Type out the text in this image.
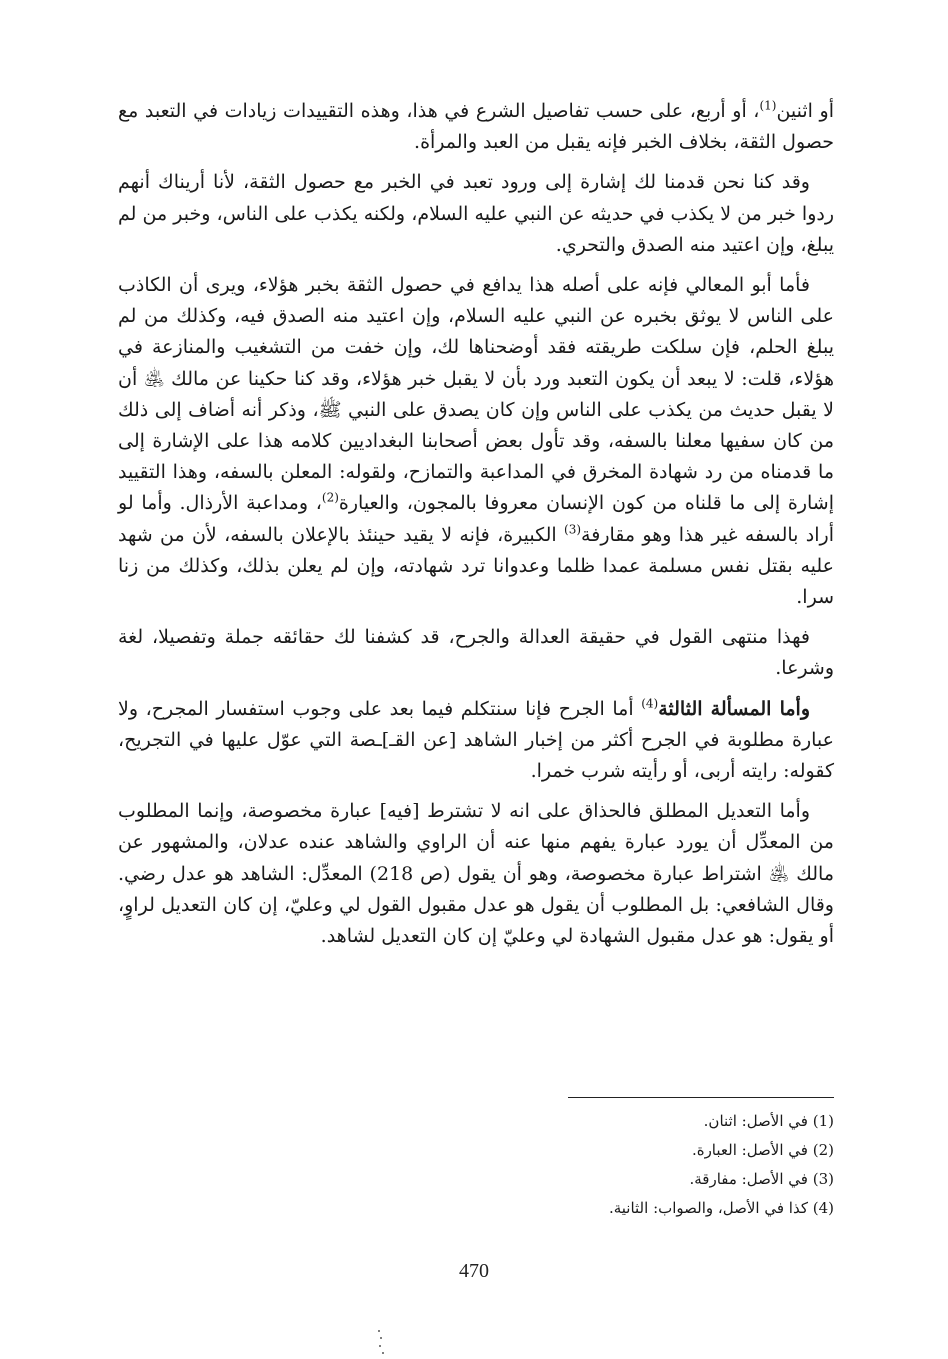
أو اثنين$^{(1)}$، أو أربع، على حسب تفاصيل الشرع في هذا، وهذه التقييدات زيادات في التعبد مع حصول الثقة، بخلاف الخبر فإنه يقبل من العبد والمرأة.

وقد كنا نحن قدمنا لك إشارة إلى ورود تعبد في الخبر مع حصول الثقة، لأنا أريناك أنهم ردوا خبر من لا يكذب في حديثه عن النبي عليه السلام، ولكنه يكذب على الناس، وخبر من لم يبلغ، وإن اعتيد منه الصدق والتحري.

فأما أبو المعالي فإنه على أصله هذا يدافع في حصول الثقة بخبر هؤلاء، ويرى أن الكاذب على الناس لا يوثق بخبره عن النبي عليه السلام، وإن اعتيد منه الصدق فيه، وكذلك من لم يبلغ الحلم، فإن سلكت طريقته فقد أوضحناها لك، وإن خفت من التشغيب والمنازعة في هؤلاء، قلت: لا يبعد أن يكون التعبد ورد بأن لا يقبل خبر هؤلاء، وقد كنا حكينا عن مالك ﵁ أن لا يقبل حديث من يكذب على الناس وإن كان يصدق على النبي ﷺ، وذكر أنه أضاف إلى ذلك من كان سفيها معلنا بالسفه، وقد تأول بعض أصحابنا البغداديين كلامه هذا على الإشارة إلى ما قدمناه من رد شهادة المخرق في المداعبة والتمازح، ولقوله: المعلن بالسفه، وهذا التقييد إشارة إلى ما قلناه من كون الإنسان معروفا بالمجون، والعيارة$^{(2)}$، ومداعبة الأرذال. وأما لو أراد بالسفه غير هذا وهو مقارفة$^{(3)}$ الكبيرة، فإنه لا يقيد حينئذ بالإعلان بالسفه، لأن من شهد عليه بقتل نفس مسلمة عمدا ظلما وعدوانا ترد شهادته، وإن لم يعلن بذلك، وكذلك من زنا سرا.

فهذا منتهى القول في حقيقة العدالة والجرح، قد كشفنا لك حقائقه جملة وتفصيلا، لغة وشرعا.

وأما المسألة الثالثة$^{(4)}$ أما الجرح فإنا سنتكلم فيما بعد على وجوب استفسار المجرح، ولا عبارة مطلوبة في الجرح أكثر من إخبار الشاهد [عن القـ]ـصة التي عوّل عليها في التجريح، كقوله: رايته أربى، أو رأيته شرب خمرا.

وأما التعديل المطلق فالحذاق على انه لا تشترط [فيه] عبارة مخصوصة، وإنما المطلوب من المعدِّل أن يورد عبارة يفهم منها عنه أن الراوي والشاهد عنده عدلان، والمشهور عن مالك ﵁ اشتراط عبارة مخصوصة، وهو أن يقول (ص 218) المعدِّل: الشاهد هو عدل رضي. وقال الشافعي: بل المطلوب أن يقول هو عدل مقبول القول لي وعليّ، إن كان التعديل لراوٍ، أو يقول: هو عدل مقبول الشهادة لي وعليّ إن كان التعديل لشاهد.

(1) في الأصل: اثنان.

(2) في الأصل: العبارة.

(3) في الأصل: مفارقة.

(4) كذا في الأصل، والصواب: الثانية.

470
